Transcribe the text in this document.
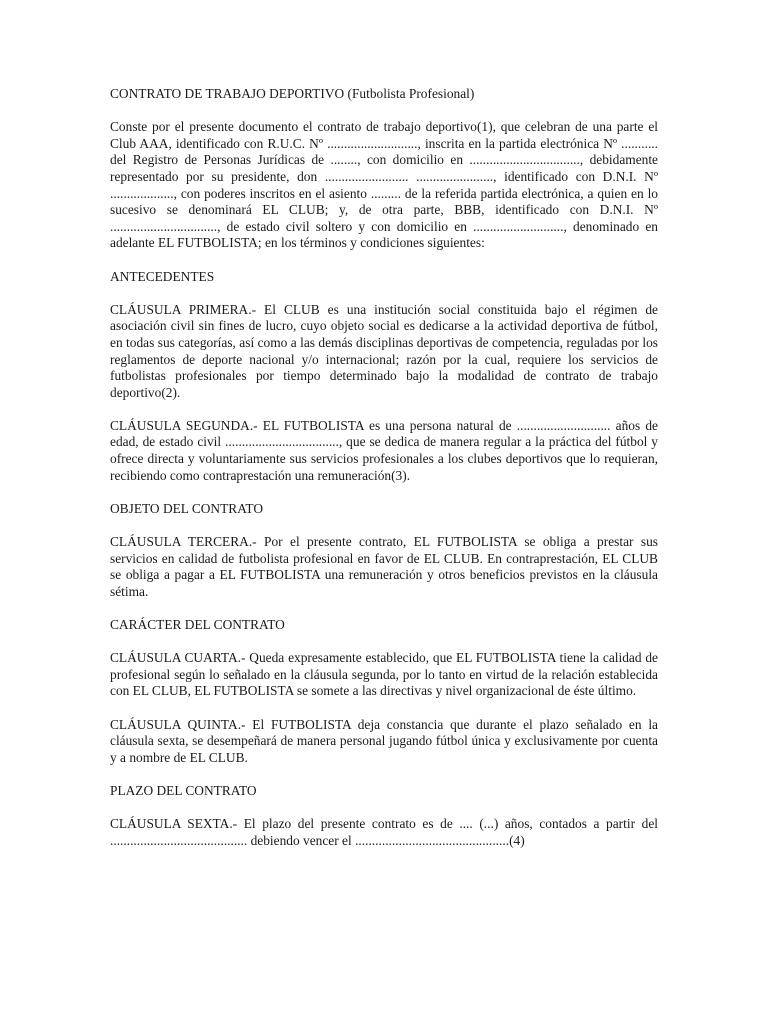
CONTRATO DE TRABAJO DEPORTIVO (Futbolista Profesional)

Conste por el presente documento el contrato de trabajo deportivo(1), que celebran de una parte el Club AAA, identificado con R.U.C. Nº ..........................., inscrita en la partida electrónica Nº ........... del Registro de Personas Jurídicas de ........, con domicilio en ................................., debidamente representado por su presidente, don ......................... ......................., identificado con D.N.I. Nº ..................., con poderes inscritos en el asiento ......... de la referida partida electrónica, a quien en lo sucesivo se denominará EL CLUB; y, de otra parte, BBB, identificado con D.N.I. Nº ................................, de estado civil soltero y con domicilio en ..........................., denominado en adelante EL FUTBOLISTA; en los términos y condiciones siguientes:

ANTECEDENTES

CLÁUSULA PRIMERA.- El CLUB es una institución social constituida bajo el régimen de asociación civil sin fines de lucro, cuyo objeto social es dedicarse a la actividad deportiva de fútbol, en todas sus categorías, así como a las demás disciplinas deportivas de competencia, reguladas por los reglamentos de deporte nacional y/o internacional; razón por la cual, requiere los servicios de futbolistas profesionales por tiempo determinado bajo la modalidad de contrato de trabajo deportivo(2).

CLÁUSULA SEGUNDA.- EL FUTBOLISTA es una persona natural de ............................ años de edad, de estado civil .................................., que se dedica de manera regular a la práctica del fútbol y ofrece directa y voluntariamente sus servicios profesionales a los clubes deportivos que lo requieran, recibiendo como contraprestación una remuneración(3).

OBJETO DEL CONTRATO

CLÁUSULA TERCERA.- Por el presente contrato, EL FUTBOLISTA se obliga a prestar sus servicios en calidad de futbolista profesional en favor de EL CLUB. En contraprestación, EL CLUB se obliga a pagar a EL FUTBOLISTA una remuneración y otros beneficios previstos en la cláusula sétima.

CARÁCTER DEL CONTRATO

CLÁUSULA CUARTA.- Queda expresamente establecido, que EL FUTBOLISTA tiene la calidad de profesional según lo señalado en la cláusula segunda, por lo tanto en virtud de la relación establecida con EL CLUB, EL FUTBOLISTA se somete a las directivas y nivel organizacional de éste último.

CLÁUSULA QUINTA.- El FUTBOLISTA deja constancia que durante el plazo señalado en la cláusula sexta, se desempeñará de manera personal jugando fútbol única y exclusivamente por cuenta y a nombre de EL CLUB.

PLAZO DEL CONTRATO

CLÁUSULA SEXTA.- El plazo del presente contrato es de .... (...) años, contados a partir del ......................................... debiendo vencer el ..............................................(4)
